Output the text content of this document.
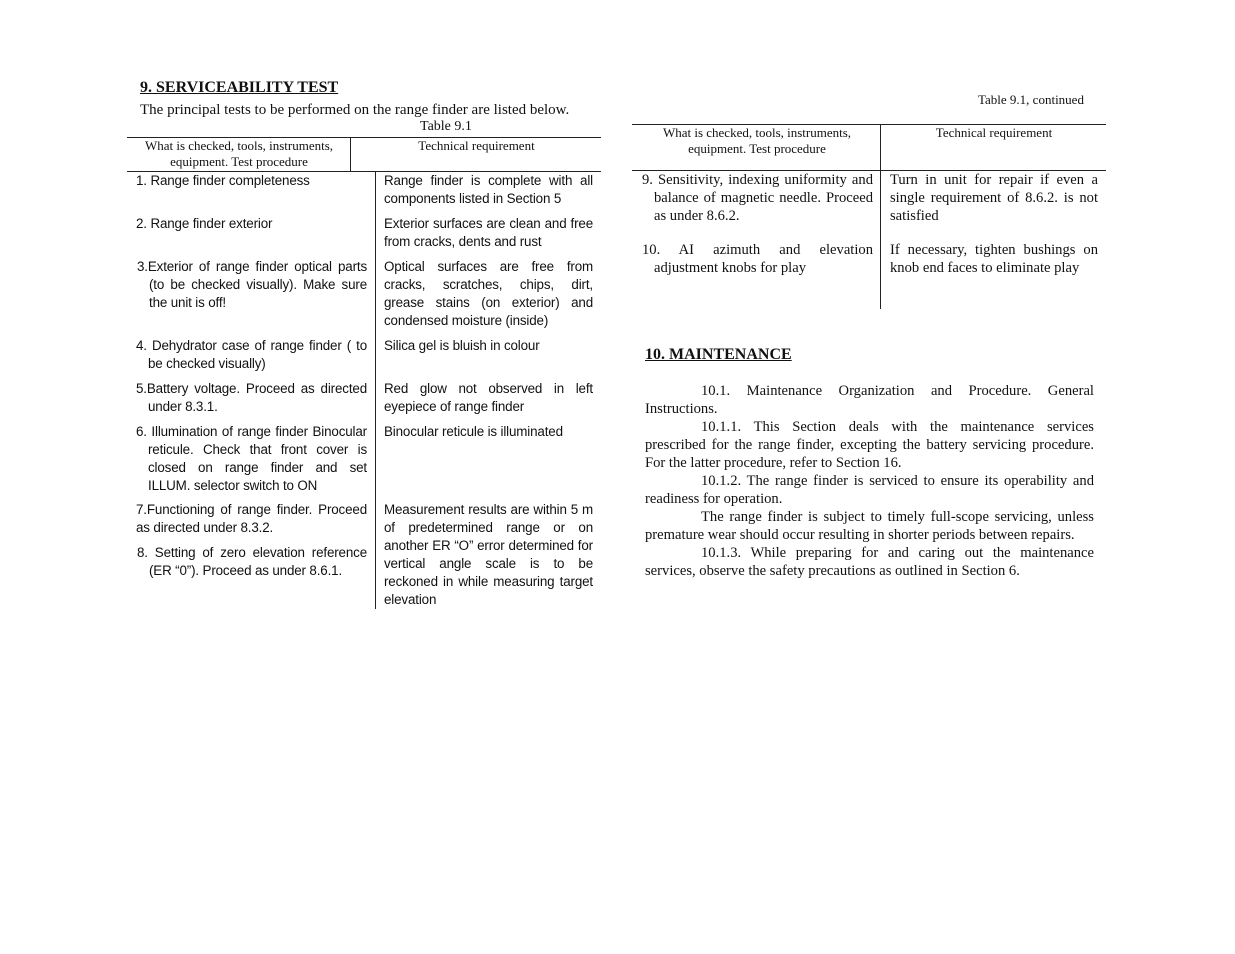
9. SERVICEABILITY TEST
The principal tests to be performed on the range finder are listed below.
Table 9.1
What is checked, tools, instruments, equipment. Test procedure
Technical requirement
1. Range finder completeness
2. Range finder exterior
3.Exterior of range finder optical parts (to be checked visually). Make sure the unit is off!
4. Dehydrator case of range finder ( to be checked visually)
5.Battery voltage. Proceed as directed under 8.3.1.
6. Illumination of range finder Binocular reticule. Check that front cover is closed on range finder and set ILLUM. selector switch to ON
7.Functioning of range finder. Proceed as directed under 8.3.2.
8. Setting of zero elevation reference (ER “0”). Proceed as under 8.6.1.
Range finder is complete with all components listed in Section 5
Exterior surfaces are clean and free from cracks, dents and rust
Optical surfaces are free from cracks, scratches, chips, dirt, grease stains (on exterior) and condensed moisture (inside)
Silica gel is bluish in colour
Red glow not observed in left eyepiece of range finder
Binocular reticule is illuminated
Measurement results are within 5 m of predetermined range or on another ER “O” error determined for vertical angle scale is to be reckoned in while measuring target elevation
Table 9.1, continued
What is checked, tools, instruments, equipment. Test procedure
Technical requirement
9. Sensitivity, indexing uniformity and balance of magnetic needle. Proceed as under 8.6.2.
10. AI azimuth and elevation adjustment knobs for play
Turn in unit for repair if even a single requirement of 8.6.2. is not satisfied
If necessary, tighten bushings on knob end faces to eliminate play
10. MAINTENANCE

10.1. Maintenance Organization and Procedure. General Instructions.

10.1.1. This Section deals with the maintenance services prescribed for the range finder, excepting the battery servicing procedure. For the latter procedure, refer to Section 16.

10.1.2. The range finder is serviced to ensure its operability and readiness for operation.

The range finder is subject to timely full-scope servicing, unless premature wear should occur resulting in shorter periods between repairs.

10.1.3. While preparing for and caring out the maintenance services, observe the safety precautions as outlined in Section 6.
